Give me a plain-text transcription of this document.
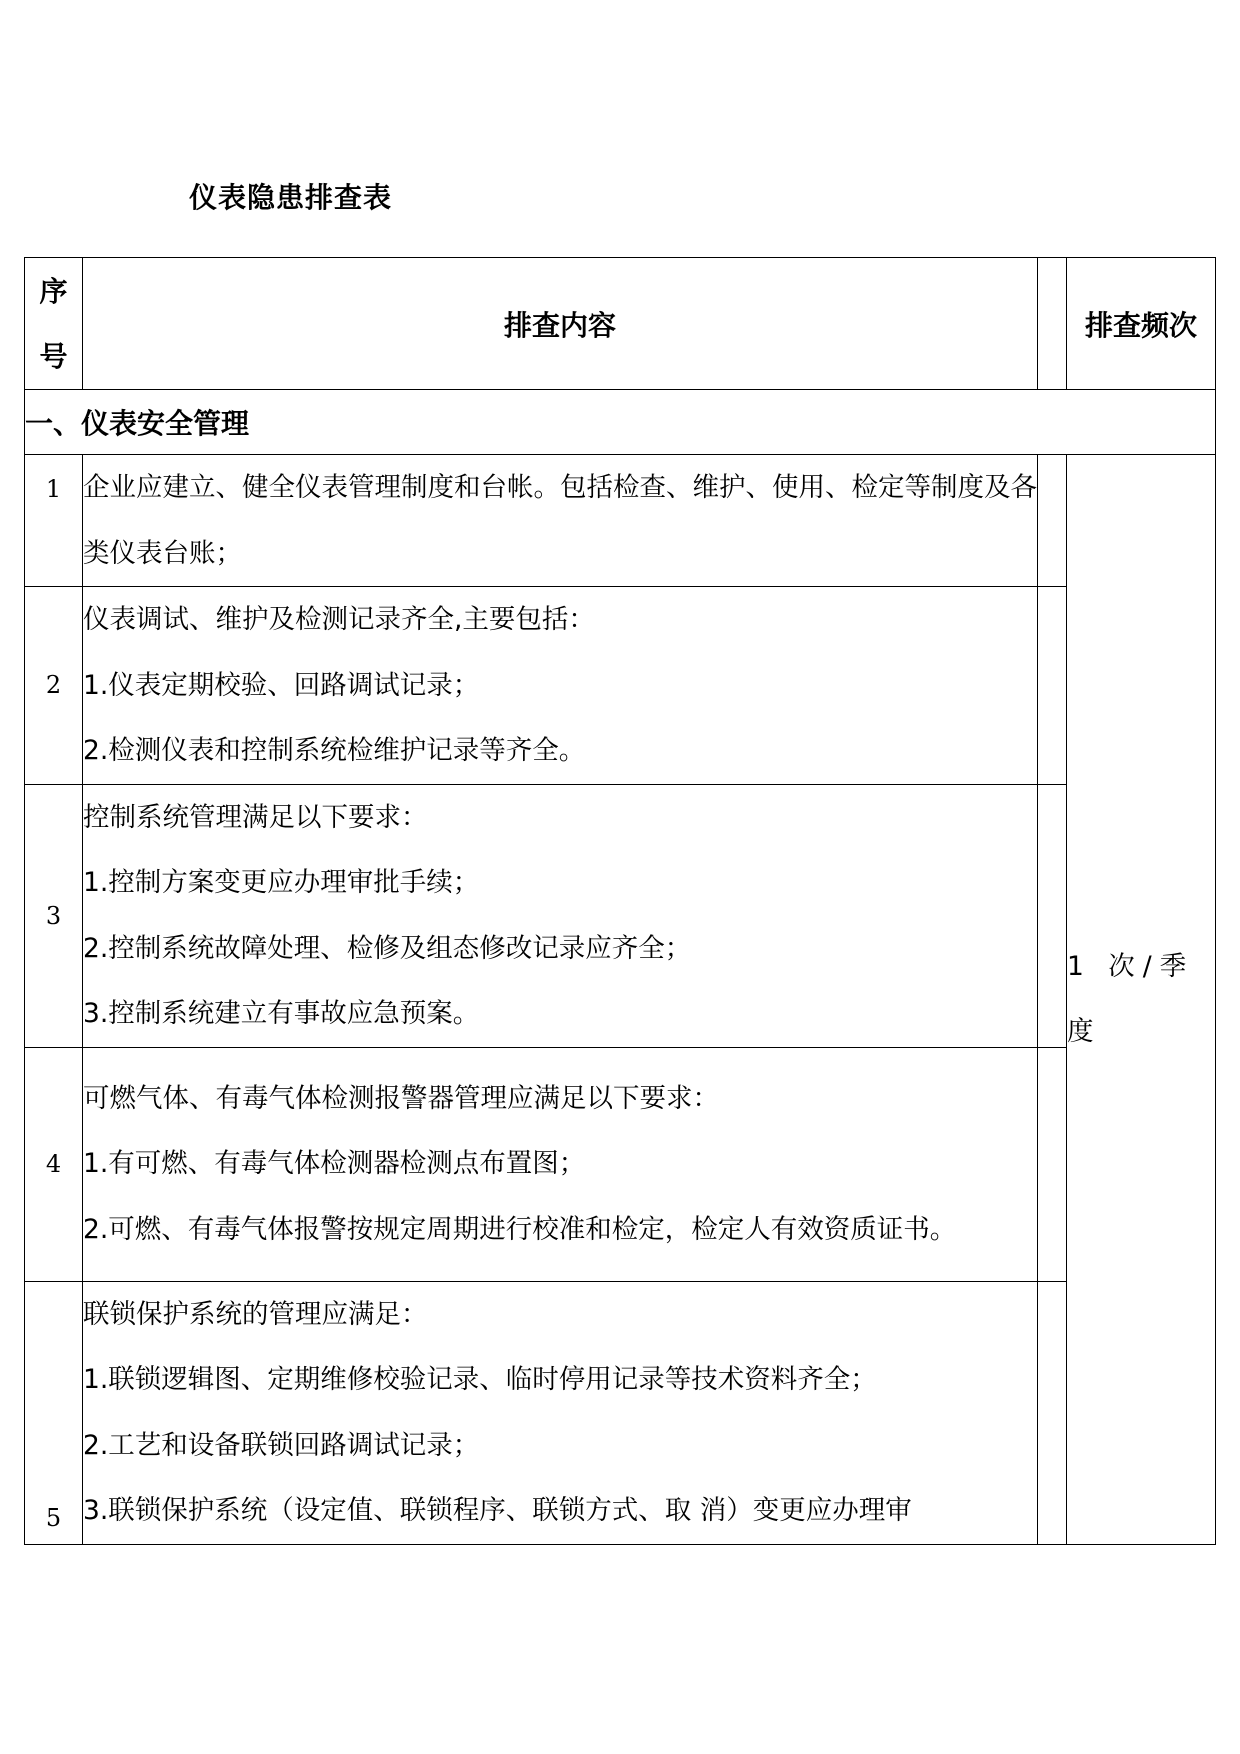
仪表隐患排查表
序
号	排查内容		排查频次
一、仪表安全管理			
1	企业应建立、健全仪表管理制度和台帐。包括检查、维护、使用、检定等制度及各类仪表台账；		1 次/季度
2	仪表调试、维护及检测记录齐全,主要包括：
1.仪表定期校验、回路调试记录；
2.检测仪表和控制系统检维护记录等齐全。		

3	控制系统管理满足以下要求：
1.控制方案变更应办理审批手续；
2.控制系统故障处理、检修及组态修改记录应齐全；
3.控制系统建立有事故应急预案。		

4	可燃气体、有毒气体检测报警器管理应满足以下要求：
1.有可燃、有毒气体检测器检测点布置图；
2.可燃、有毒气体报警按规定周期进行校准和检定，检定人有效资质证书。		

5	联锁保护系统的管理应满足：
1.联锁逻辑图、定期维修校验记录、临时停用记录等技术资料齐全；
2.工艺和设备联锁回路调试记录；
3.联锁保护系统（设定值、联锁程序、联锁方式、取 消）变更应办理审		
